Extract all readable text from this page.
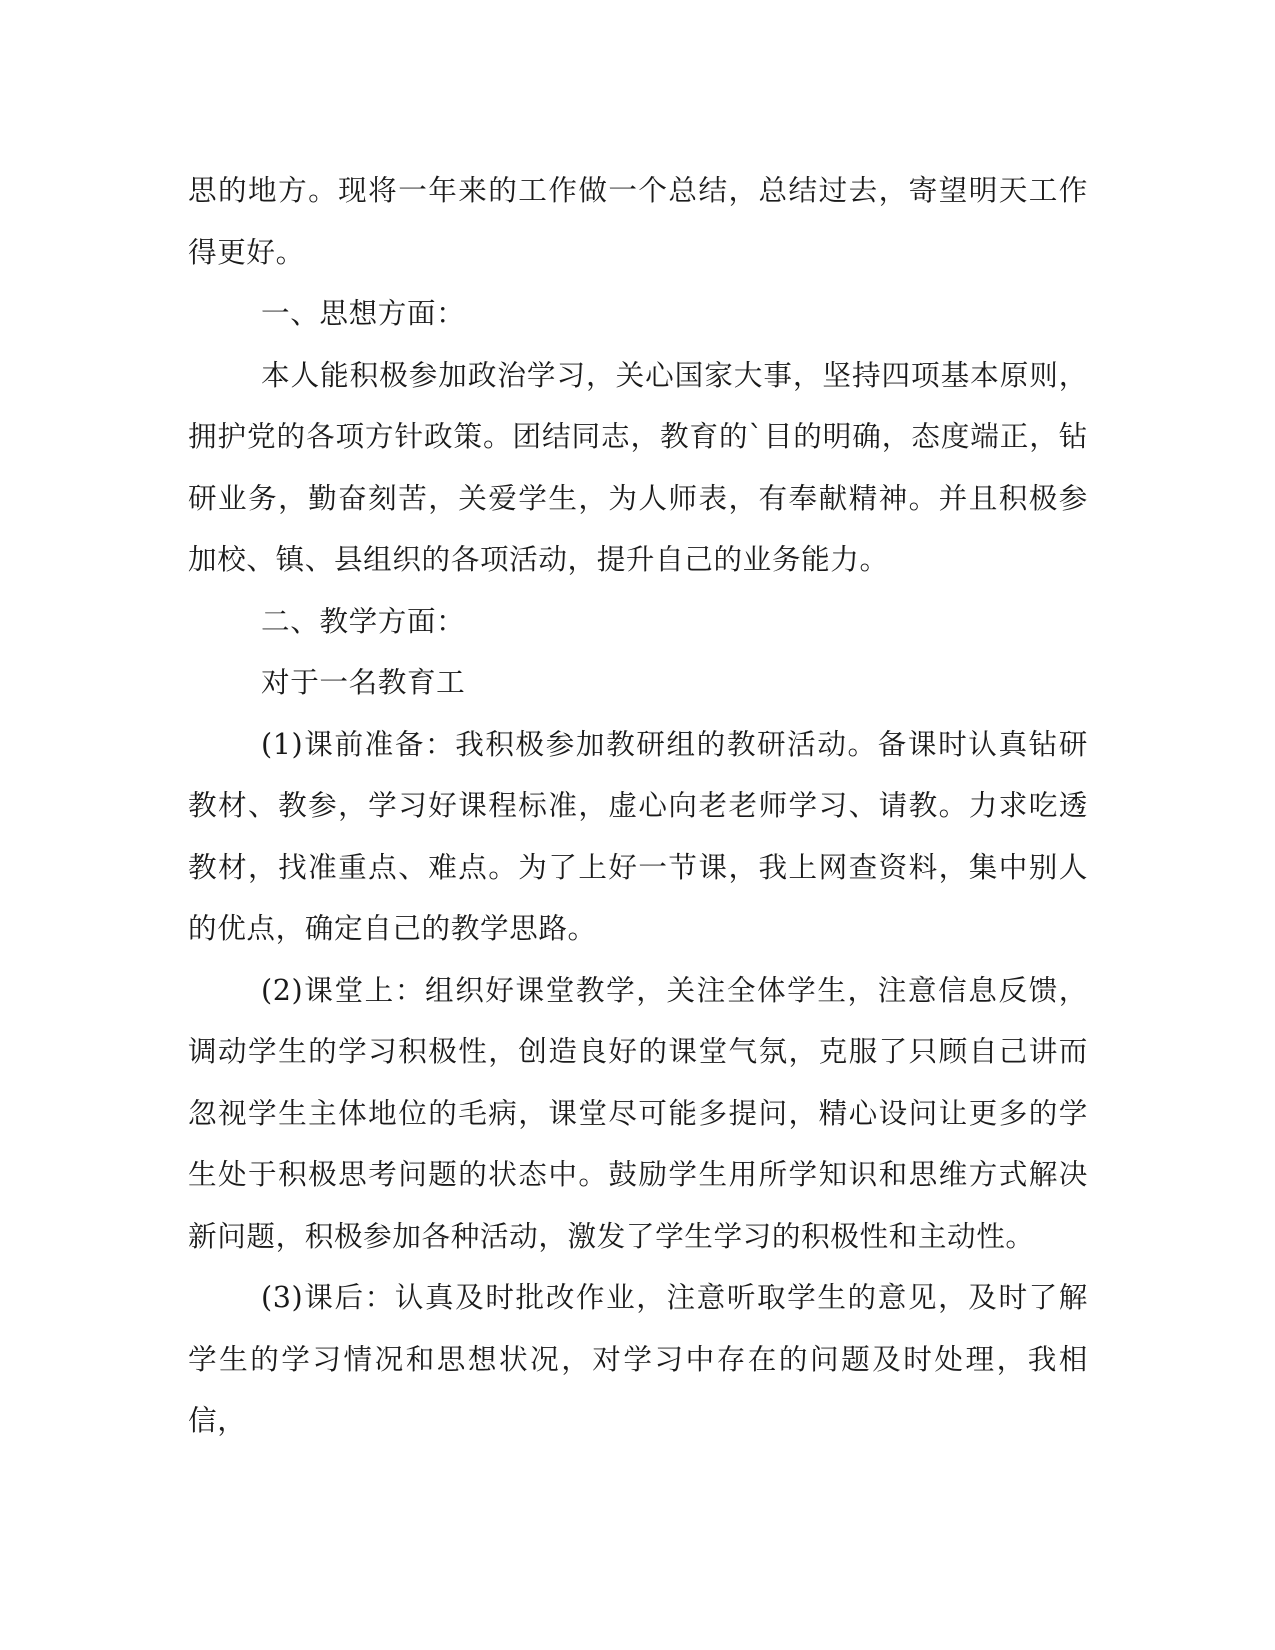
思的地方。现将一年来的工作做一个总结，总结过去，寄望明天工作得更好。

一、思想方面：

本人能积极参加政治学习，关心国家大事，坚持四项基本原则，拥护党的各项方针政策。团结同志，教育的`目的明确，态度端正，钻研业务，勤奋刻苦，关爱学生，为人师表，有奉献精神。并且积极参加校、镇、县组织的各项活动，提升自己的业务能力。

二、教学方面：

对于一名教育工

(1)课前准备：我积极参加教研组的教研活动。备课时认真钻研教材、教参，学习好课程标准，虚心向老老师学习、请教。力求吃透教材，找准重点、难点。为了上好一节课，我上网查资料，集中别人的优点，确定自己的教学思路。

(2)课堂上：组织好课堂教学，关注全体学生，注意信息反馈，调动学生的学习积极性，创造良好的课堂气氛，克服了只顾自己讲而忽视学生主体地位的毛病，课堂尽可能多提问，精心设问让更多的学生处于积极思考问题的状态中。鼓励学生用所学知识和思维方式解决新问题，积极参加各种活动，激发了学生学习的积极性和主动性。

(3)课后：认真及时批改作业，注意听取学生的意见，及时了解学生的学习情况和思想状况，对学习中存在的问题及时处理，我相信，
